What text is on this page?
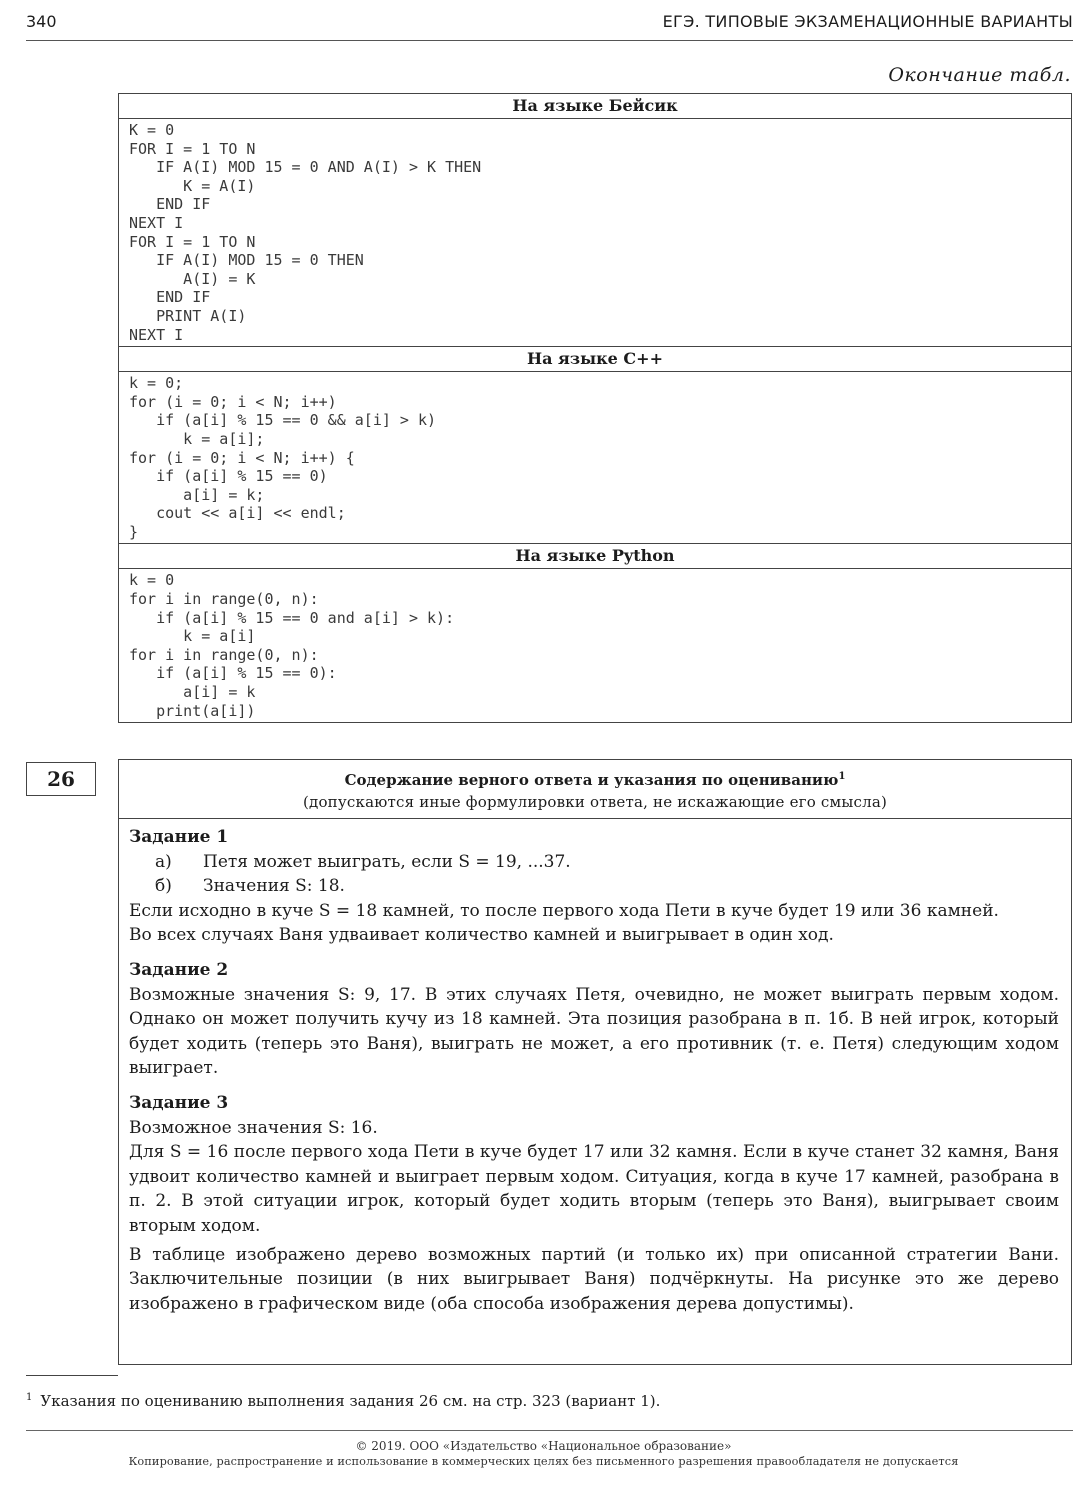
340	ЕГЭ. ТИПОВЫЕ ЭКЗАМЕНАЦИОННЫЕ ВАРИАНТЫ
Окончание табл.
На языке Бейсик
K = 0
FOR I = 1 TO N
IF A(I) MOD 15 = 0 AND A(I) > K THEN
K = A(I)
END IF
NEXT I
FOR I = 1 TO N
IF A(I) MOD 15 = 0 THEN
A(I) = K
END IF
PRINT A(I)
NEXT I
На языке C++
k = 0;
for (i = 0; i < N; i++)
if (a[i] % 15 == 0 && a[i] > k)
k = a[i];
for (i = 0; i < N; i++) {
if (a[i] % 15 == 0)
a[i] = k;
cout << a[i] << endl;
}
На языке Python
k = 0
for i in range(0, n):
if (a[i] % 15 == 0 and a[i] > k):
k = a[i]
for i in range(0, n):
if (a[i] % 15 == 0):
a[i] = k
print(a[i])
26	Содержание верного ответа и указания по оцениванию$^1$
(допускаются иные формулировки ответа, не искажающие его смысла)
Задание 1
а) Петя может выиграть, если S = 19, ...37.
б) Значения S: 18.
Если исходно в куче S = 18 камней, то после первого хода Пети в куче будет 19 или 36 камней.
Во всех случаях Ваня удваивает количество камней и выигрывает в один ход.
Задание 2
Возможные значения S: 9, 17. В этих случаях Петя, очевидно, не может выиграть первым ходом. Однако он может получить кучу из 18 камней. Эта позиция разобрана в п. 1б. В ней игрок, который будет ходить (теперь это Ваня), выиграть не может, а его противник (т. е. Петя) следующим ходом выиграет.
Задание 3
Возможное значения S: 16.
Для S = 16 после первого хода Пети в куче будет 17 или 32 камня. Если в куче станет 32 камня, Ваня удвоит количество камней и выиграет первым ходом. Ситуация, когда в куче 17 камней, разобрана в п. 2. В этой ситуации игрок, который будет ходить вторым (теперь это Ваня), выигрывает своим вторым ходом.
В таблице изображено дерево возможных партий (и только их) при описанной стратегии Вани. Заключительные позиции (в них выигрывает Ваня) подчёркнуты. На рисунке это же дерево изображено в графическом виде (оба способа изображения дерева допустимы).
$^1$ Указания по оцениванию выполнения задания 26 см. на стр. 323 (вариант 1).
© 2019. ООО «Издательство «Национальное образование»
Копирование, распространение и использование в коммерческих целях без письменного разрешения правообладателя не допускается
